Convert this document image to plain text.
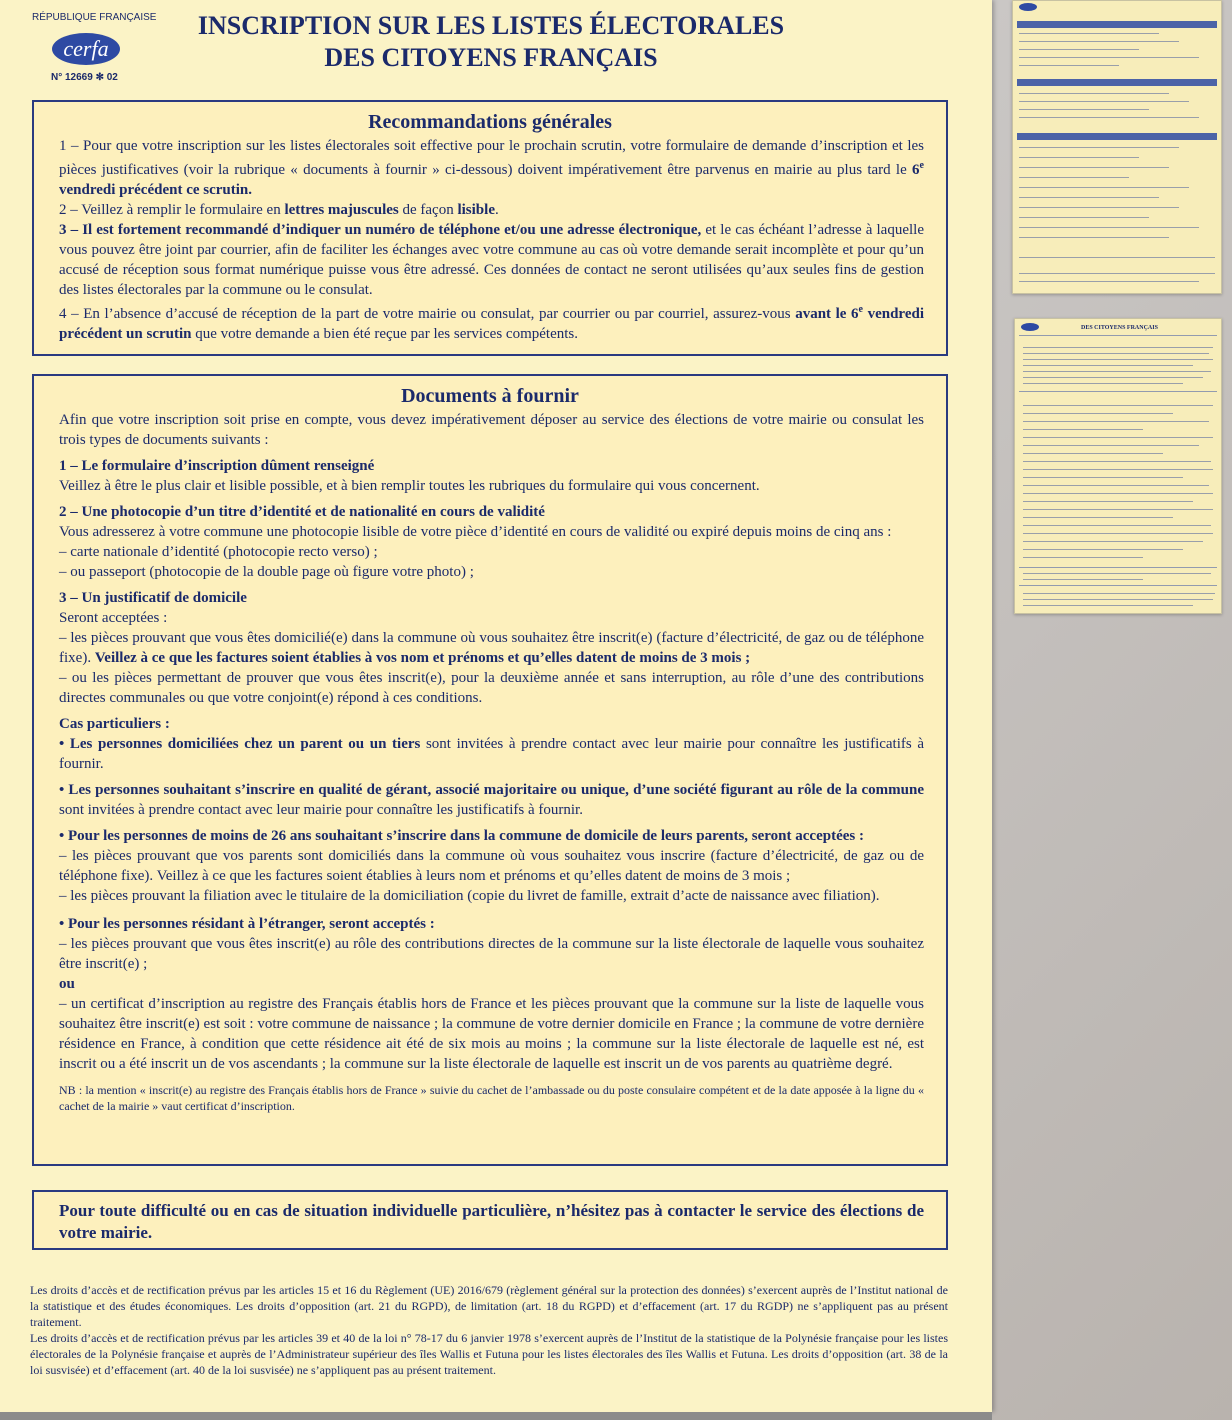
RÉPUBLIQUE FRANÇAISE
cerfa
N° 12669 ✻ 02
INSCRIPTION SUR LES LISTES ÉLECTORALES
DES CITOYENS FRANÇAIS
Recommandations générales

1 – Pour que votre inscription sur les listes électorales soit effective pour le prochain scrutin, votre formulaire de demande d’inscription et les pièces justificatives (voir la rubrique « documents à fournir » ci-dessous) doivent impérativement être parvenus en mairie au plus tard le 6e vendredi précédent ce scrutin.

2 – Veillez à remplir le formulaire en lettres majuscules de façon lisible.

3 – Il est fortement recommandé d’indiquer un numéro de téléphone et/ou une adresse électronique, et le cas échéant l’adresse à laquelle vous pouvez être joint par courrier, afin de faciliter les échanges avec votre commune au cas où votre demande serait incomplète et pour qu’un accusé de réception sous format numérique puisse vous être adressé. Ces données de contact ne seront utilisées qu’aux seules fins de gestion des listes électorales par la commune ou le consulat.

4 – En l’absence d’accusé de réception de la part de votre mairie ou consulat, par courrier ou par courriel, assurez-vous avant le 6e vendredi précédent un scrutin que votre demande a bien été reçue par les services compétents.

Documents à fournir

Afin que votre inscription soit prise en compte, vous devez impérativement déposer au service des élections de votre mairie ou consulat les trois types de documents suivants :

1 – Le formulaire d’inscription dûment renseigné

Veillez à être le plus clair et lisible possible, et à bien remplir toutes les rubriques du formulaire qui vous concernent.

2 – Une photocopie d’un titre d’identité et de nationalité en cours de validité

Vous adresserez à votre commune une photocopie lisible de votre pièce d’identité en cours de validité ou expiré depuis moins de cinq ans :

– carte nationale d’identité (photocopie recto verso) ;

– ou passeport (photocopie de la double page où figure votre photo) ;

3 – Un justificatif de domicile

Seront acceptées :

– les pièces prouvant que vous êtes domicilié(e) dans la commune où vous souhaitez être inscrit(e) (facture d’électricité, de gaz ou de téléphone fixe). Veillez à ce que les factures soient établies à vos nom et prénoms et qu’elles datent de moins de 3 mois ;

– ou les pièces permettant de prouver que vous êtes inscrit(e), pour la deuxième année et sans interruption, au rôle d’une des contributions directes communales ou que votre conjoint(e) répond à ces conditions.

Cas particuliers :

• Les personnes domiciliées chez un parent ou un tiers sont invitées à prendre contact avec leur mairie pour connaître les justificatifs à fournir.

• Les personnes souhaitant s’inscrire en qualité de gérant, associé majoritaire ou unique, d’une société figurant au rôle de la commune sont invitées à prendre contact avec leur mairie pour connaître les justificatifs à fournir.

• Pour les personnes de moins de 26 ans souhaitant s’inscrire dans la commune de domicile de leurs parents, seront acceptées :

– les pièces prouvant que vos parents sont domiciliés dans la commune où vous souhaitez vous inscrire (facture d’électricité, de gaz ou de téléphone fixe). Veillez à ce que les factures soient établies à leurs nom et prénoms et qu’elles datent de moins de 3 mois ;

– les pièces prouvant la filiation avec le titulaire de la domiciliation (copie du livret de famille, extrait d’acte de naissance avec filiation).

• Pour les personnes résidant à l’étranger, seront acceptés :

– les pièces prouvant que vous êtes inscrit(e) au rôle des contributions directes de la commune sur la liste électorale de laquelle vous souhaitez être inscrit(e) ;

ou

– un certificat d’inscription au registre des Français établis hors de France et les pièces prouvant que la commune sur la liste de laquelle vous souhaitez être inscrit(e) est soit : votre commune de naissance ; la commune de votre dernier domicile en France ; la commune de votre dernière résidence en France, à condition que cette résidence ait été de six mois au moins ; la commune sur la liste électorale de laquelle est né, est inscrit ou a été inscrit un de vos ascendants ; la commune sur la liste électorale de laquelle est inscrit un de vos parents au quatrième degré.

NB : la mention « inscrit(e) au registre des Français établis hors de France » suivie du cachet de l’ambassade ou du poste consulaire compétent et de la date apposée à la ligne du « cachet de la mairie » vaut certificat d’inscription.

Pour toute difficulté ou en cas de situation individuelle particulière, n’hésitez pas à contacter le service des élections de votre mairie.

Les droits d’accès et de rectification prévus par les articles 15 et 16 du Règlement (UE) 2016/679 (règlement général sur la protection des données) s’exercent auprès de l’Institut national de la statistique et des études économiques. Les droits d’opposition (art. 21 du RGPD), de limitation (art. 18 du RGPD) et d’effacement (art. 17 du RGDP) ne s’appliquent pas au présent traitement.

Les droits d’accès et de rectification prévus par les articles 39 et 40 de la loi n° 78-17 du 6 janvier 1978 s’exercent auprès de l’Institut de la statistique de la Polynésie française pour les listes électorales de la Polynésie française et auprès de l’Administrateur supérieur des îles Wallis et Futuna pour les listes électorales des îles Wallis et Futuna. Les droits d’opposition (art. 38 de la loi susvisée) et d’effacement (art. 40 de la loi susvisée) ne s’appliquent pas au présent traitement.

DES CITOYENS FRANÇAIS
